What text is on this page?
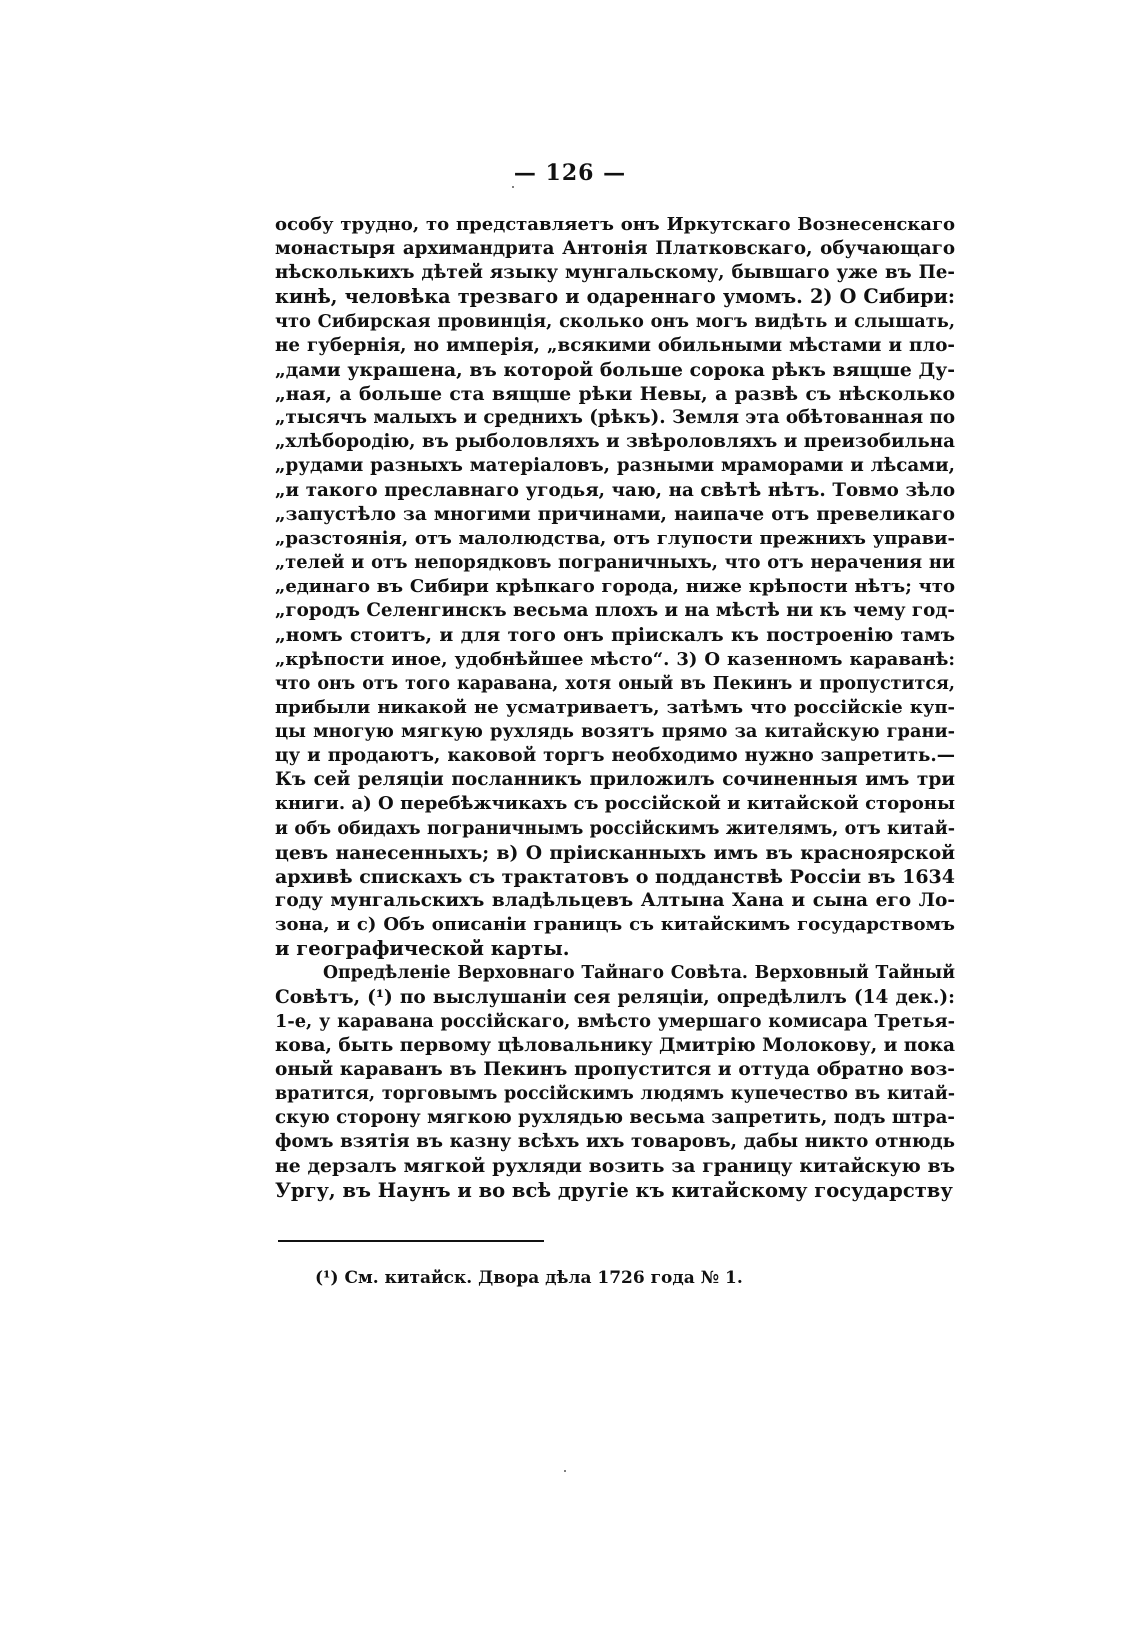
— 126 —
особу трудно, то представляетъ онъ Иркутскаго Вознесенскаго
монастыря архимандрита Антонія Платковскаго, обучающаго
нѣсколькихъ дѣтей языку мунгальскому, бывшаго уже въ Пе-
кинѣ, человѣка трезваго и одареннаго умомъ. 2) О Сибири:
что Сибирская провинція, сколько онъ могъ видѣть и слышать,
не губернія, но имперія, „всякими обильными мѣстами и пло-
„дами украшена, въ которой больше сорока рѣкъ вящше Ду-
„ная, а больше ста вящше рѣки Невы, а развѣ съ нѣсколько
„тысячъ малыхъ и среднихъ (рѣкъ). Земля эта обѣтованная по
„хлѣбородію, въ рыболовляхъ и звѣроловляхъ и преизобильна
„рудами разныхъ матеріаловъ, разными мраморами и лѣсами,
„и такого преславнаго угодья, чаю, на свѣтѣ нѣтъ. Товмо зѣло
„запустѣло за многими причинами, наипаче отъ превеликаго
„разстоянія, отъ малолюдства, отъ глупости прежнихъ управи-
„телей и отъ непорядковъ пограничныхъ, что отъ нерачения ни
„единаго въ Сибири крѣпкаго города, ниже крѣпости нѣтъ; что
„городъ Селенгинскъ весьма плохъ и на мѣстѣ ни къ чему год-
„номъ стоитъ, и для того онъ пріискалъ къ построенію тамъ
„крѣпости иное, удобнѣйшее мѣсто“. 3) О казенномъ караванѣ:
что онъ отъ того каравана, хотя оный въ Пекинъ и пропустится,
прибыли никакой не усматриваетъ, затѣмъ что россійскіе куп-
цы многую мягкую рухлядь возятъ прямо за китайскую грани-
цу и продаютъ, каковой торгъ необходимо нужно запретить.—
Къ сей реляціи посланникъ приложилъ сочиненныя имъ три
книги. а) О перебѣжчикахъ съ россійской и китайской стороны
и объ обидахъ пограничнымъ россійскимъ жителямъ, отъ китай-
цевъ нанесенныхъ; в) О пріисканныхъ имъ въ красноярской
архивѣ спискахъ съ трактатовъ о подданствѣ Россіи въ 1634
году мунгальскихъ владѣльцевъ Алтына Хана и сына его Ло-
зона, и с) Объ описаніи границъ съ китайскимъ государствомъ
и географической карты.
Опредѣленіе Верховнаго Тайнаго Совѣта. Верховный Тайный
Совѣтъ, (¹) по выслушаніи сея реляціи, опредѣлилъ (14 дек.):
1-е, у каравана россійскаго, вмѣсто умершаго комисара Третья-
кова, быть первому цѣловальнику Дмитрію Молокову, и пока
оный караванъ въ Пекинъ пропустится и оттуда обратно воз-
вратится, торговымъ россійскимъ людямъ купечество въ китай-
скую сторону мягкою рухлядью весьма запретить, подъ штра-
фомъ взятія въ казну всѣхъ ихъ товаровъ, дабы никто отнюдь
не дерзалъ мягкой рухляди возить за границу китайскую въ
Ургу, въ Наунъ и во всѣ другіе къ китайскому государству
(¹) См. китайск. Двора дѣла 1726 года № 1.
